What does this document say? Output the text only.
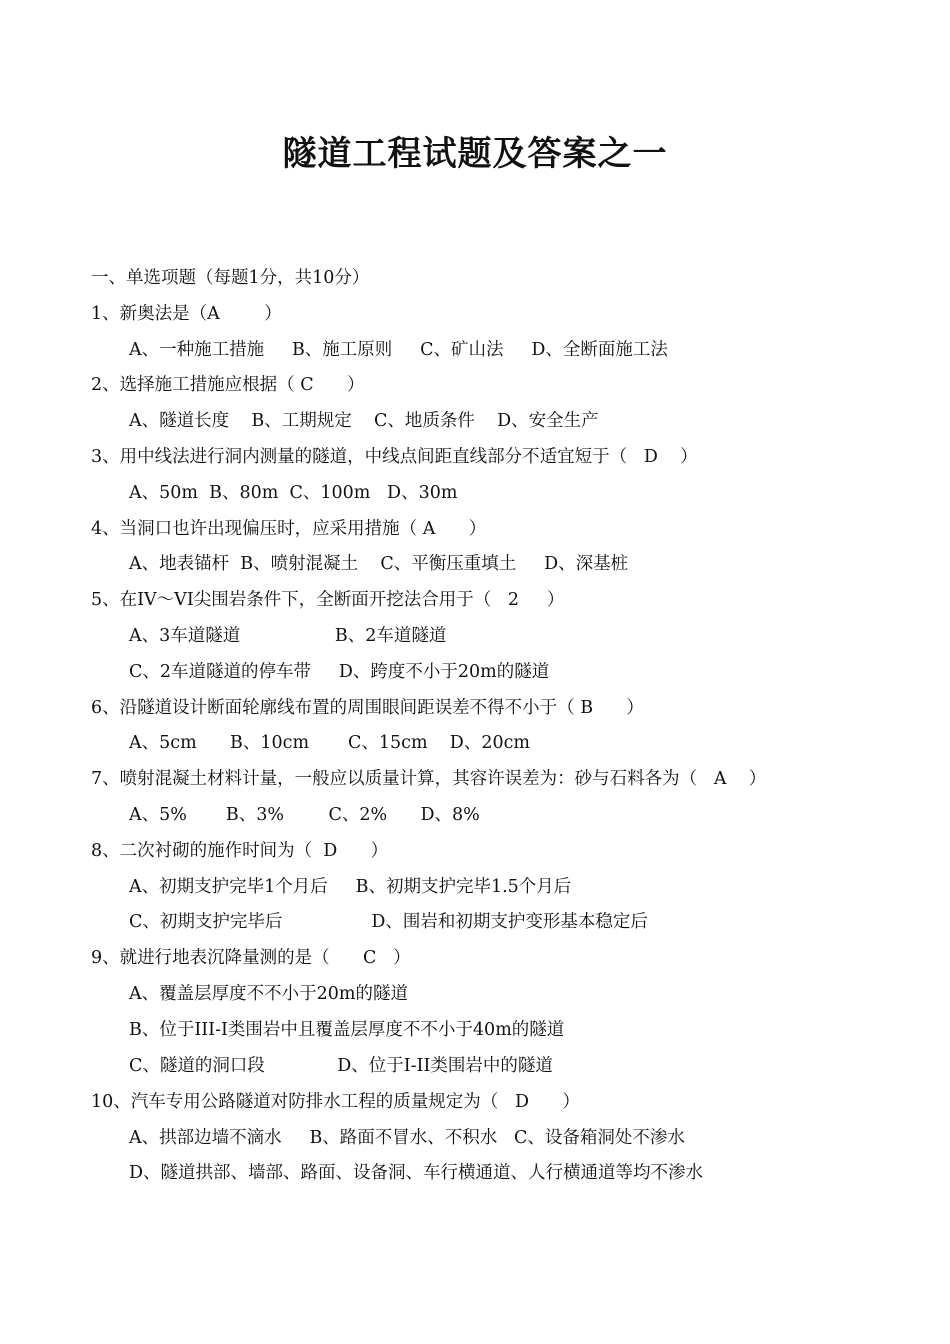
隧道工程试题及答案之一
一、单选项题（每题1分，共10分）
1、新奥法是（A        ）
A、一种施工措施     B、施工原则     C、矿山法     D、全断面施工法
2、选择施工措施应根据（ C      ）
A、隧道长度    B、工期规定    C、地质条件    D、安全生产
3、用中线法进行洞内测量的隧道，中线点间距直线部分不适宜短于（   D    ）
A、50m  B、80m  C、100m   D、30m
4、当洞口也许出现偏压时，应采用措施（ A      ）
A、地表锚杆  B、喷射混凝土    C、平衡压重填土     D、深基桩
5、在IV～VI尖围岩条件下，全断面开挖法合用于（   2     ）
A、3车道隧道                 B、2车道隧道
C、2车道隧道的停车带     D、跨度不小于20m的隧道
6、沿隧道设计断面轮廓线布置的周围眼间距误差不得不小于（ B      ）
A、5cm      B、10cm       C、15cm    D、20cm
7、喷射混凝土材料计量，一般应以质量计算，其容许误差为：砂与石料各为（   A    ）
A、5%       B、3%        C、2%      D、8%
8、二次衬砌的施作时间为（  D      ）
A、初期支护完毕1个月后     B、初期支护完毕1.5个月后
C、初期支护完毕后                D、围岩和初期支护变形基本稳定后
9、就进行地表沉降量测的是（      C   ）
A、覆盖层厚度不不小于20m的隧道
B、位于III-I类围岩中且覆盖层厚度不不小于40m的隧道
C、隧道的洞口段             D、位于I-II类围岩中的隧道
10、汽车专用公路隧道对防排水工程的质量规定为（   D      ）
A、拱部边墙不滴水     B、路面不冒水、不积水   C、设备箱洞处不渗水
D、隧道拱部、墙部、路面、设备洞、车行横通道、人行横通道等均不渗水
